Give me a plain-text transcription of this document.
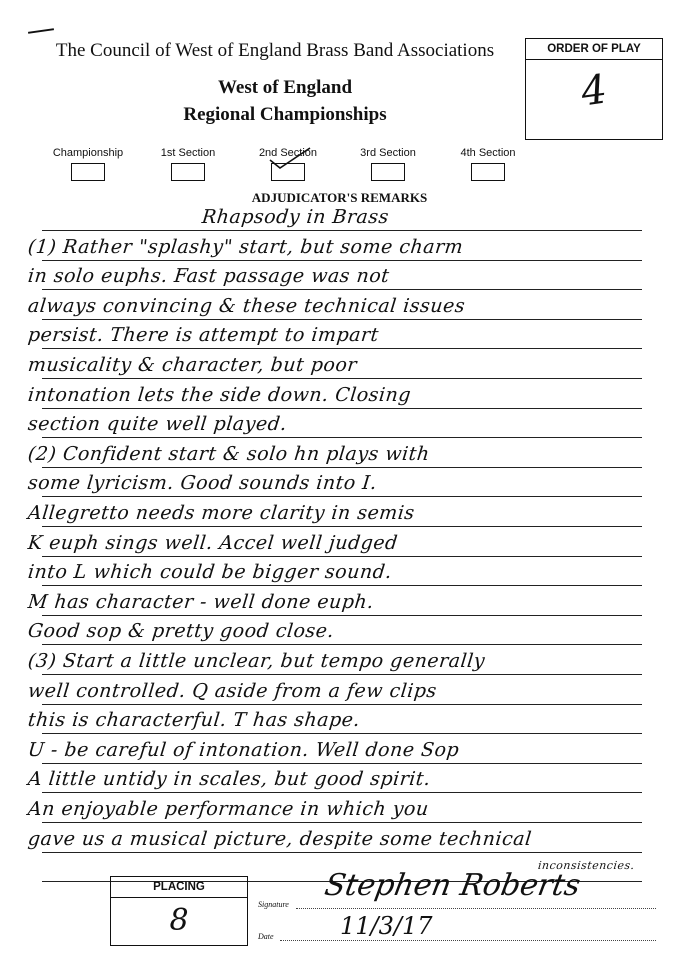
The Council of West of England Brass Band Associations
West of England
Regional Championships
ORDER OF PLAY
4
Championship	1st Section	2nd Section	3rd Section	4th Section
ADJUDICATOR'S REMARKS
Rhapsody in Brass
(1) Rather "splashy" start, but some charm
in solo euphs. Fast passage was not
always convincing & these technical issues
persist. There is attempt to impart
musicality & character, but poor
intonation lets the side down. Closing
section quite well played.
(2) Confident start & solo hn plays with
some lyricism. Good sounds into I.
Allegretto needs more clarity in semis
K euph sings well. Accel well judged
into L which could be bigger sound.
M has character - well done euph.
Good sop & pretty good close.
(3) Start a little unclear, but tempo generally
well controlled. Q aside from a few clips
this is characterful. T has shape.
U - be careful of intonation. Well done Sop
A little untidy in scales, but good spirit.
An enjoyable performance in which you
gave us a musical picture, despite some technical
inconsistencies.
PLACING
8	Signature
Stephen Roberts
Date	11/3/17
